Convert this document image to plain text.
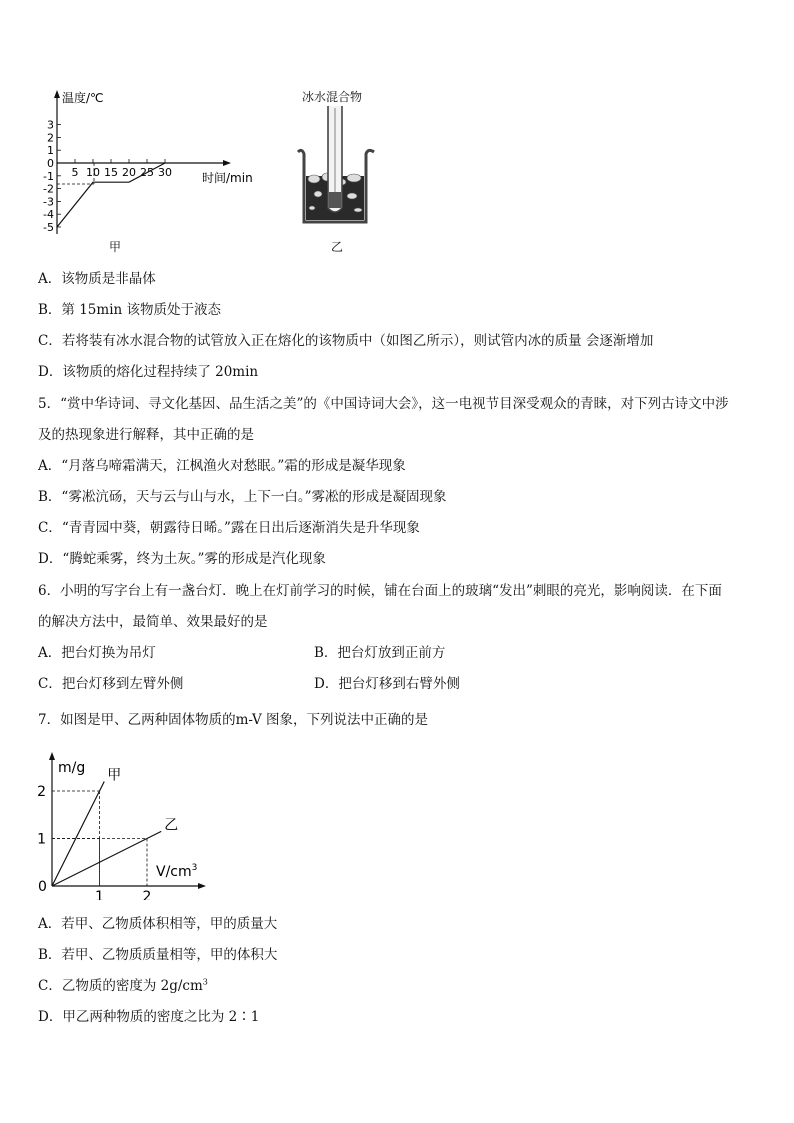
温度/℃
时间/min
3
2
1
0
-1
-2
-3
-4
-5
5 10 15 20 25 30
甲
冰水混合物
乙
A．该物质是非晶体
B．第 15min 该物质处于液态
C．若将装有冰水混合物的试管放入正在熔化的该物质中（如图乙所示），则试管内冰的质量 会逐渐增加
D．该物质的熔化过程持续了 20min
5．“赏中华诗词、寻文化基因、品生活之美”的《中国诗词大会》，这一电视节目深受观众的青睐，对下列古诗文中涉
及的热现象进行解释，其中正确的是
A．“月落乌啼霜满天，江枫渔火对愁眠。”霜的形成是凝华现象
B．“雾凇沆砀，天与云与山与水，上下一白。”雾凇的形成是凝固现象
C．“青青园中葵，朝露待日晞。”露在日出后逐渐消失是升华现象
D．“腾蛇乘雾，终为土灰。”雾的形成是汽化现象
6．小明的写字台上有一盏台灯．晚上在灯前学习的时候，铺在台面上的玻璃“发出”刺眼的亮光，影响阅读．在下面
的解决方法中，最简单、效果最好的是
A．把台灯换为吊灯	B．把台灯放到正前方
C．把台灯移到左臂外侧	D．把台灯移到右臂外侧
7．如图是甲、乙两种固体物质的m-V 图象，下列说法中正确的是
m/g
$V/cm^3$
0
1	2
1
2
甲
乙
A．若甲、乙物质体积相等，甲的质量大
B．若甲、乙物质质量相等，甲的体积大
C．乙物质的密度为 $2g/cm^3$
D．甲乙两种物质的密度之比为 2∶1
